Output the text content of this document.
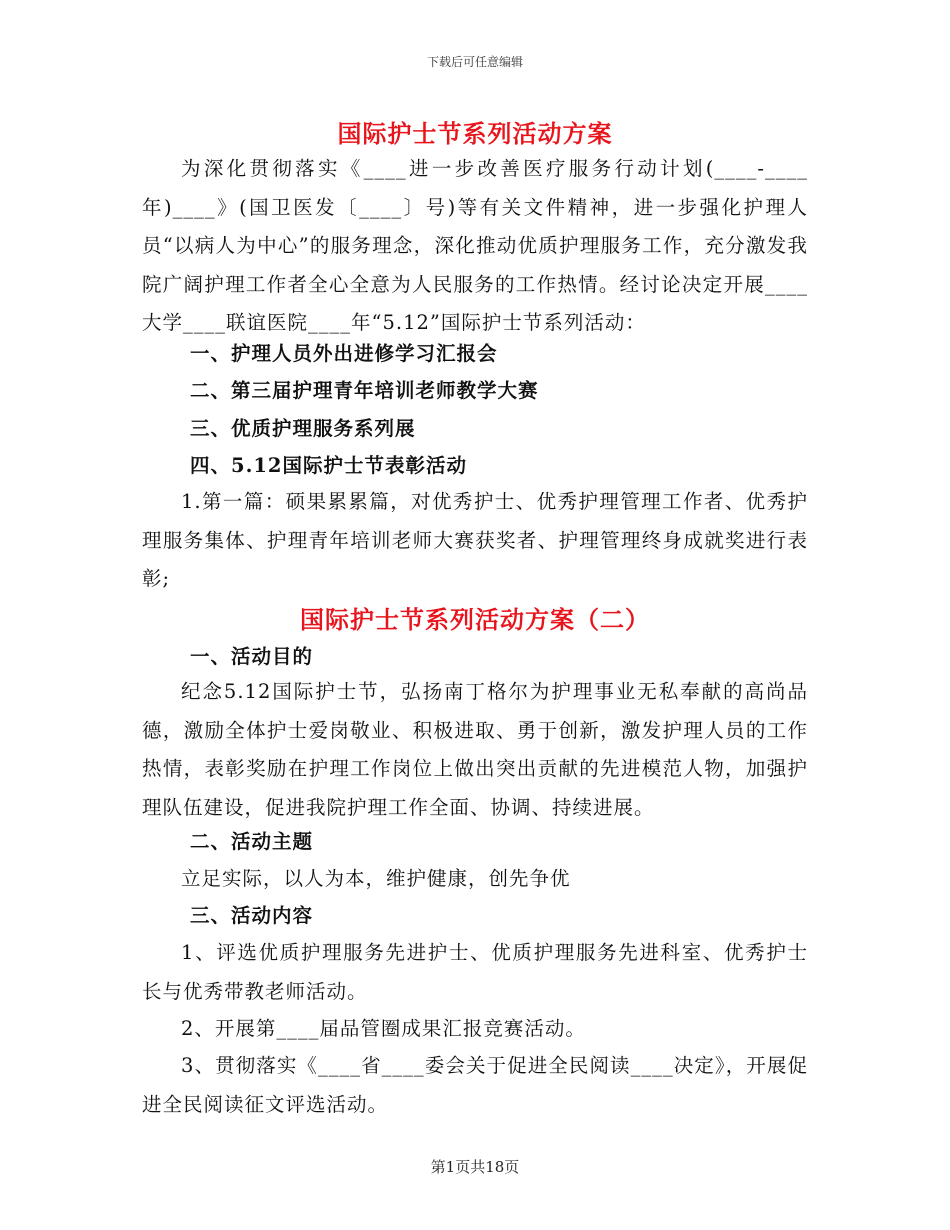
下载后可任意编辑
国际护士节系列活动方案
为深化贯彻落实《____进一步改善医疗服务行动计划(____-____年)____》(国卫医发〔____〕号)等有关文件精神，进一步强化护理人员“以病人为中心”的服务理念，深化推动优质护理服务工作，充分激发我院广阔护理工作者全心全意为人民服务的工作热情。经讨论决定开展____大学____联谊医院____年“5.12”国际护士节系列活动：
一、护理人员外出进修学习汇报会
二、第三届护理青年培训老师教学大赛
三、优质护理服务系列展
四、5.12国际护士节表彰活动
1.第一篇：硕果累累篇，对优秀护士、优秀护理管理工作者、优秀护理服务集体、护理青年培训老师大赛获奖者、护理管理终身成就奖进行表彰;
国际护士节系列活动方案（二）
一、活动目的
纪念5.12国际护士节，弘扬南丁格尔为护理事业无私奉献的高尚品德，激励全体护士爱岗敬业、积极进取、勇于创新，激发护理人员的工作热情，表彰奖励在护理工作岗位上做出突出贡献的先进模范人物，加强护理队伍建设，促进我院护理工作全面、协调、持续进展。
二、活动主题
立足实际，以人为本，维护健康，创先争优
三、活动内容
1、评选优质护理服务先进护士、优质护理服务先进科室、优秀护士长与优秀带教老师活动。
2、开展第____届品管圈成果汇报竞赛活动。
3、贯彻落实《____省____委会关于促进全民阅读____决定》，开展促进全民阅读征文评选活动。
第1页共18页
